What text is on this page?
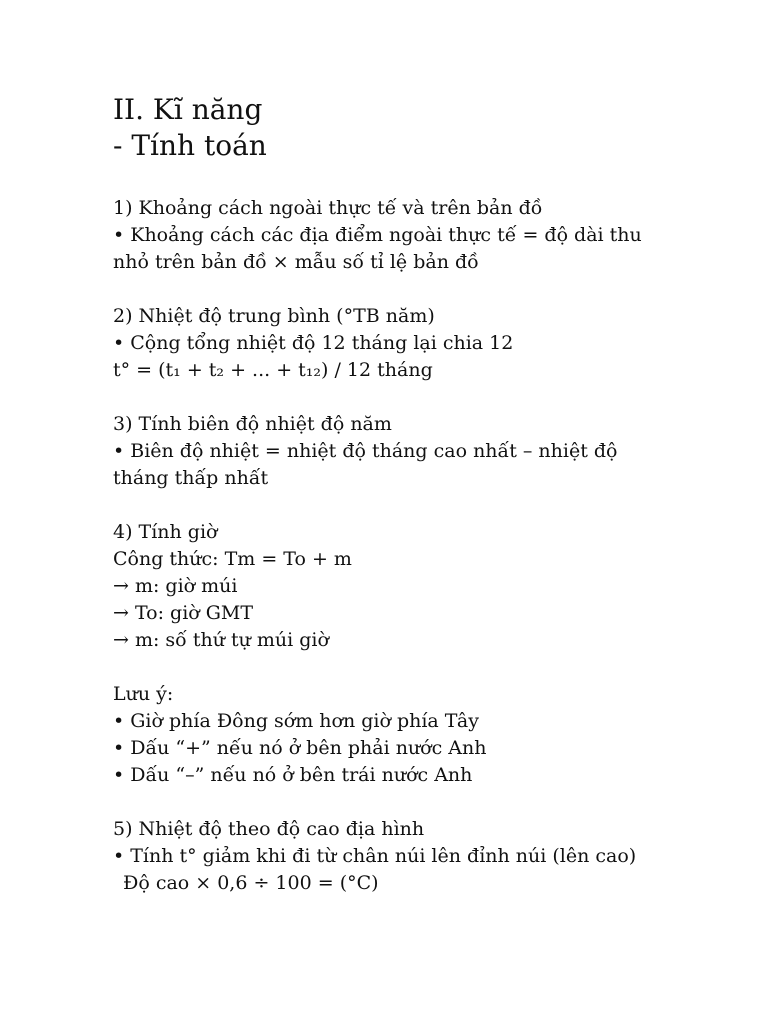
II. Kĩ năng
- Tính toán

1) Khoảng cách ngoài thực tế và trên bản đồ

• Khoảng cách các địa điểm ngoài thực tế = độ dài thu

nhỏ trên bản đồ × mẫu số tỉ lệ bản đồ

2) Nhiệt độ trung bình (°TB năm)

• Cộng tổng nhiệt độ 12 tháng lại chia 12

t° = (t₁ + t₂ + ... + t₁₂) / 12 tháng

3) Tính biên độ nhiệt độ năm

• Biên độ nhiệt = nhiệt độ tháng cao nhất – nhiệt độ

tháng thấp nhất

4) Tính giờ

Công thức: Tm = To + m

→ m: giờ múi

→ To: giờ GMT

→ m: số thứ tự múi giờ

Lưu ý:

• Giờ phía Đông sớm hơn giờ phía Tây

• Dấu “+” nếu nó ở bên phải nước Anh

• Dấu “–” nếu nó ở bên trái nước Anh

5) Nhiệt độ theo độ cao địa hình

• Tính t° giảm khi đi từ chân núi lên đỉnh núi (lên cao)

Độ cao × 0,6 ÷ 100 = (°C)
